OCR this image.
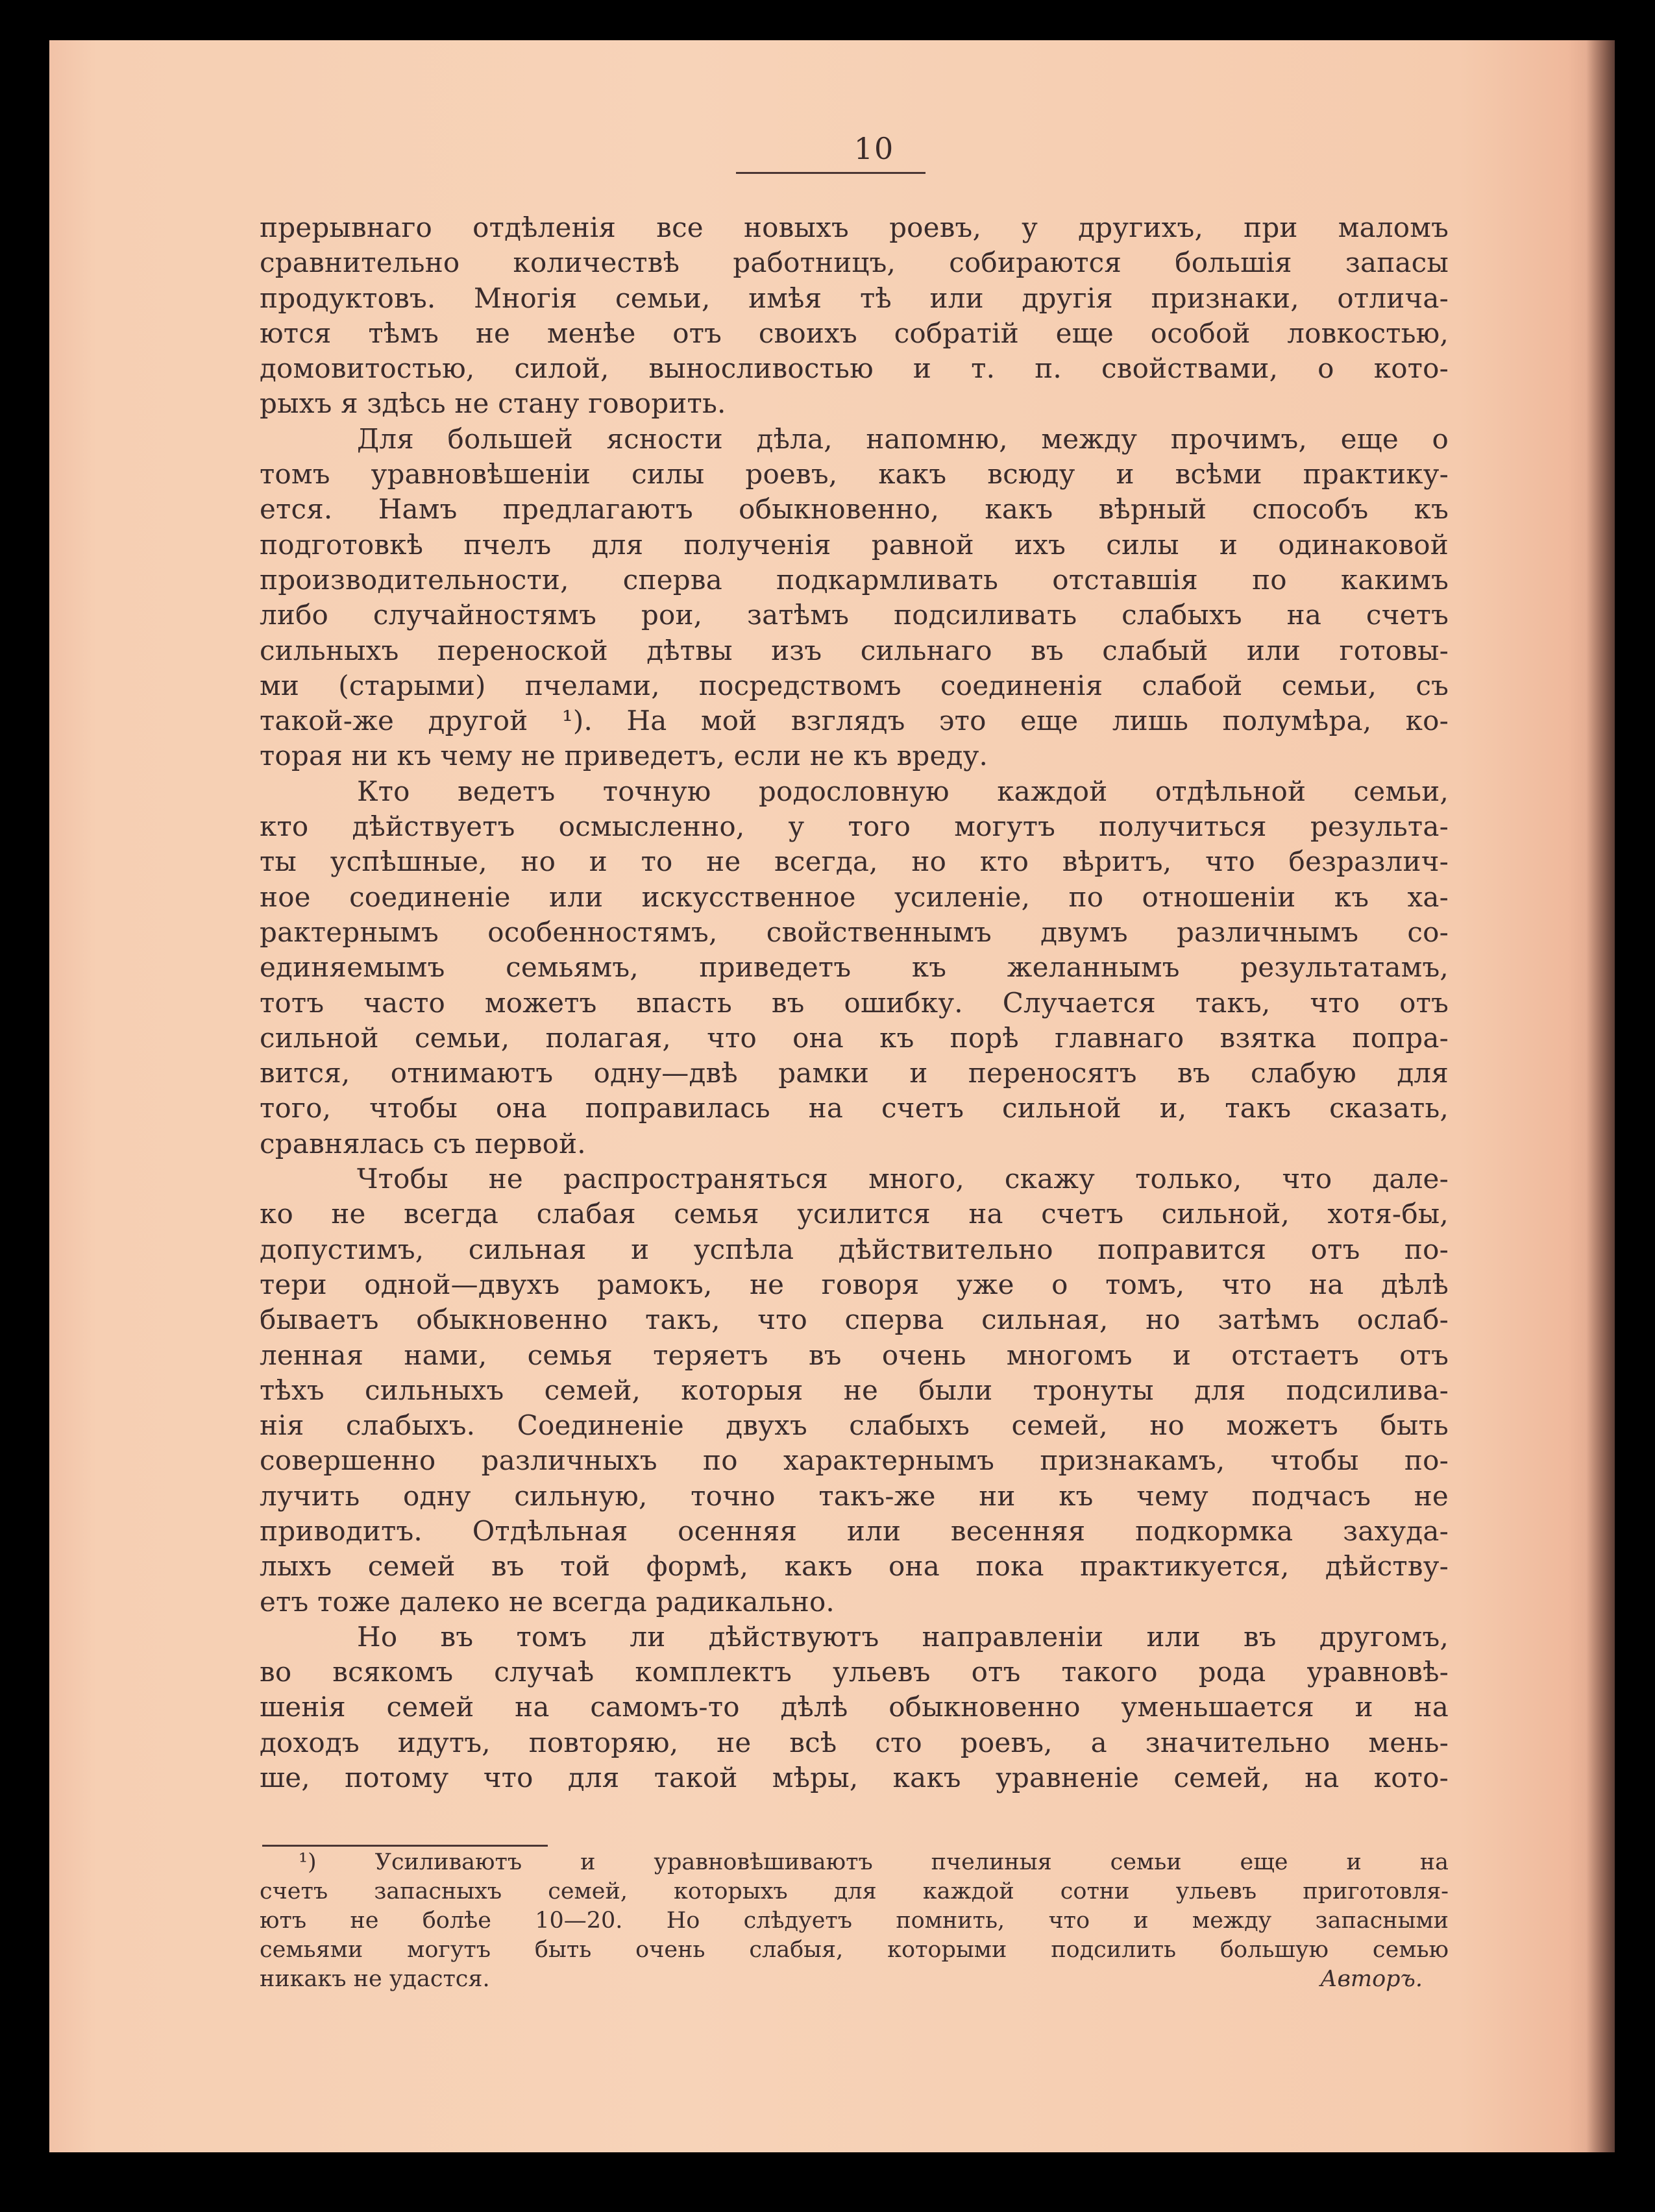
10
прерывнаго отдѣленія все новыхъ роевъ, у другихъ, при маломъ
сравнительно количествѣ работницъ, собираются большія запасы
продуктовъ. Многія семьи, имѣя тѣ или другія признаки, отлича-
ются тѣмъ не менѣе отъ своихъ собратій еще особой ловкостью,
домовитостью, силой, выносливостью и т. п. свойствами, о кото-
рыхъ я здѣсь не стану говорить.
Для большей ясности дѣла, напомню, между прочимъ, еще о
томъ уравновѣшеніи силы роевъ, какъ всюду и всѣми практику-
ется. Намъ предлагаютъ обыкновенно, какъ вѣрный способъ къ
подготовкѣ пчелъ для полученія равной ихъ силы и одинаковой
производительности, сперва подкармливать отставшія по какимъ
либо случайностямъ рои, затѣмъ подсиливать слабыхъ на счетъ
сильныхъ переноской дѣтвы изъ сильнаго въ слабый или готовы-
ми (старыми) пчелами, посредствомъ соединенія слабой семьи, съ
такой-же другой ¹). На мой взглядъ это еще лишь полумѣра, ко-
торая ни къ чему не приведетъ, если не къ вреду.
Кто ведетъ точную родословную каждой отдѣльной семьи,
кто дѣйствуетъ осмысленно, у того могутъ получиться результа-
ты успѣшные, но и то не всегда, но кто вѣритъ, что безразлич-
ное соединеніе или искусственное усиленіе, по отношеніи къ ха-
рактернымъ особенностямъ, свойственнымъ двумъ различнымъ со-
единяемымъ семьямъ, приведетъ къ желаннымъ результатамъ,
тотъ часто можетъ впасть въ ошибку. Случается такъ, что отъ
сильной семьи, полагая, что она къ порѣ главнаго взятка попра-
вится, отнимаютъ одну—двѣ рамки и переносятъ въ слабую для
того, чтобы она поправилась на счетъ сильной и, такъ сказать,
сравнялась съ первой.
Чтобы не распространяться много, скажу только, что дале-
ко не всегда слабая семья усилится на счетъ сильной, хотя-бы,
допустимъ, сильная и успѣла дѣйствительно поправится отъ по-
тери одной—двухъ рамокъ, не говоря уже о томъ, что на дѣлѣ
бываетъ обыкновенно такъ, что сперва сильная, но затѣмъ ослаб-
ленная нами, семья теряетъ въ очень многомъ и отстаетъ отъ
тѣхъ сильныхъ семей, которыя не были тронуты для подсилива-
нія слабыхъ. Соединеніе двухъ слабыхъ семей, но можетъ быть
совершенно различныхъ по характернымъ признакамъ, чтобы по-
лучить одну сильную, точно такъ-же ни къ чему подчасъ не
приводитъ. Отдѣльная осенняя или весенняя подкормка захуда-
лыхъ семей въ той формѣ, какъ она пока практикуется, дѣйству-
етъ тоже далеко не всегда радикально.
Но въ томъ ли дѣйствуютъ направленіи или въ другомъ,
во всякомъ случаѣ комплектъ ульевъ отъ такого рода уравновѣ-
шенія семей на самомъ-то дѣлѣ обыкновенно уменьшается и на
доходъ идутъ, повторяю, не всѣ сто роевъ, а значительно мень-
ше, потому что для такой мѣры, какъ уравненіе семей, на кото-
¹) Усиливаютъ и уравновѣшиваютъ пчелиныя семьи еще и на
счетъ запасныхъ семей, которыхъ для каждой сотни ульевъ приготовля-
ютъ не болѣе 10—20. Но слѣдуетъ помнить, что и между запасными
семьями могутъ быть очень слабыя, которыми подсилить большую семью
никакъ не удастся.	Авторъ.
